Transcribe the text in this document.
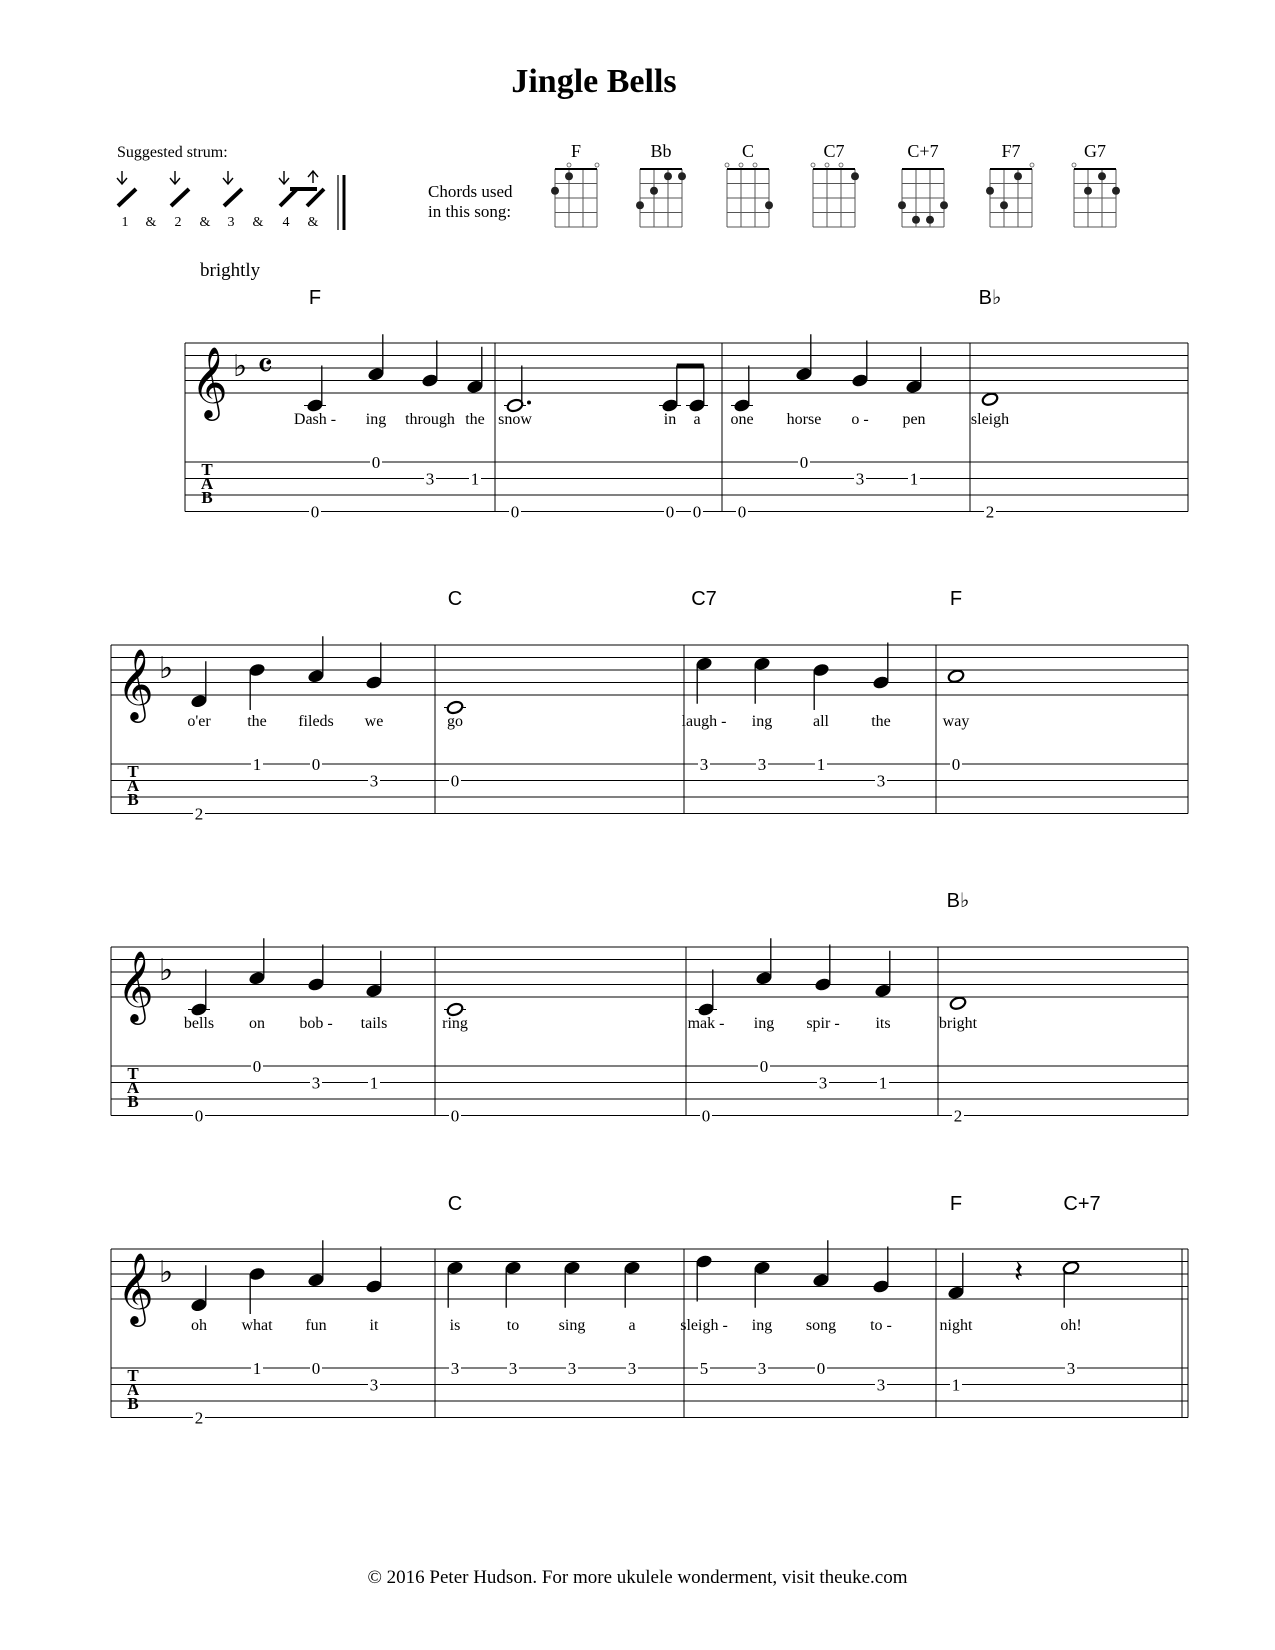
Jingle Bells
Suggested strum:
1 & 2 & 3 & 4 &
Chords used
in this song:
F	Bb	C	C7	C+7	F7	G7
brightly
𝄞 ♭ 𝄴
T
A
B
F	B♭
Dash -
0
ing
0
through
3
the
1
snow
0
in
0
a
0
one
0
horse
0
o -
3
pen
1
sleigh
2
𝄞 ♭
T
A
B
C	C7	F
o'er
2
the
1
fileds
0
we
3
go
0
laugh -
3
ing
3
all
1
the
3
way
0
𝄞 ♭
T
A
B
B♭
bells
0
on
0
bob -
3
tails
1
ring
0
mak -
0
ing
0
spir -
3
its
1
bright
2
𝄞 ♭
T
A
B
C	F	C+7
oh
2
what
1
fun
0
it
3
is
3
to
3
sing
3
a
3
sleigh -
5
ing
3
song
0
to -
3
night
1
𝄽
oh!
3
© 2016 Peter Hudson. For more ukulele wonderment, visit theuke.com
